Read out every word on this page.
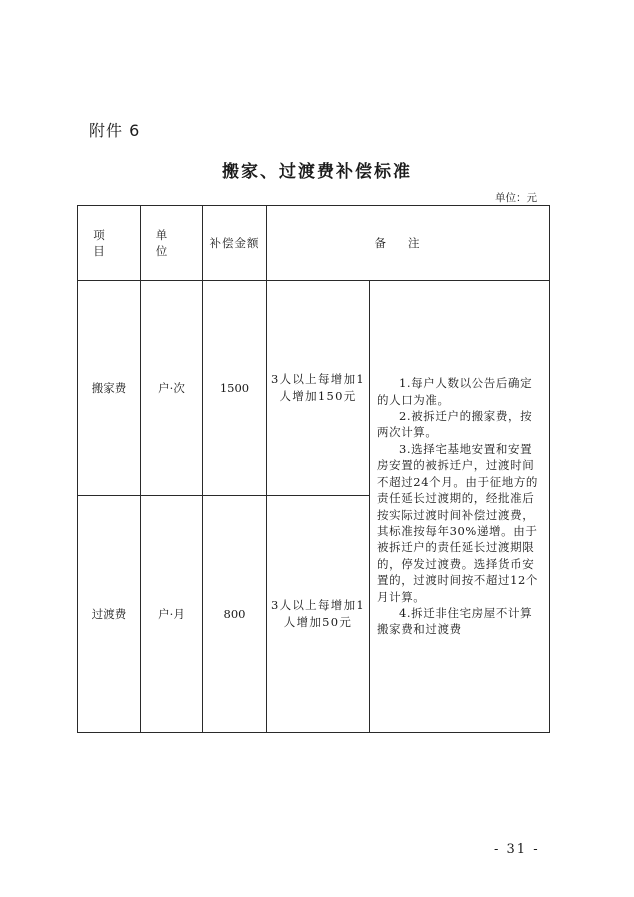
附件 6
搬家、过渡费补偿标准
单位：元
项目	单位	补偿金额	备注	
搬家费	户·次	1500	3人以上每增加1人增加150元	1.每户人数以公告后确定的人口为准。

2.被拆迁户的搬家费，按两次计算。

3.选择宅基地安置和安置房安置的被拆迁户，过渡时间不超过24个月。由于征地方的责任延长过渡期的，经批准后按实际过渡时间补偿过渡费，其标准按每年30%递增。由于被拆迁户的责任延长过渡期限的，停发过渡费。选择货币安置的，过渡时间按不超过12个月计算。

4.拆迁非住宅房屋不计算搬家费和过渡费

过渡费	户·月	800	3人以上每增加1人增加50元	
- 31 -
